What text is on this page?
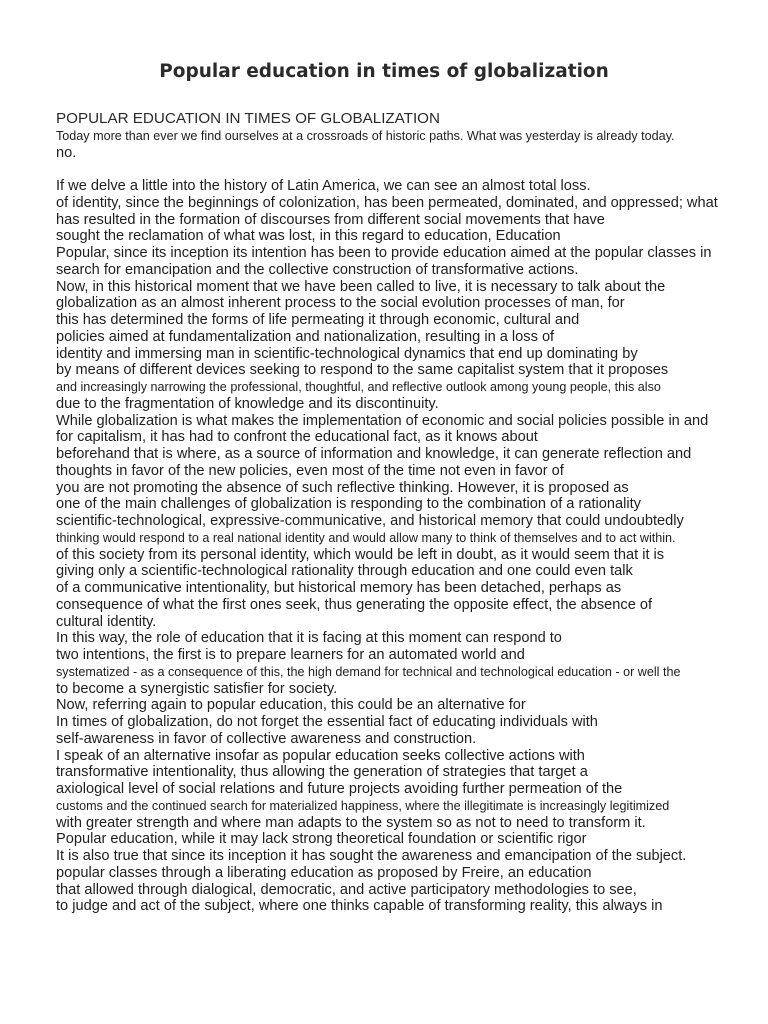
Popular education in times of globalization
POPULAR EDUCATION IN TIMES OF GLOBALIZATION
Today more than ever we find ourselves at a crossroads of historic paths. What was yesterday is already today.
no.
If we delve a little into the history of Latin America, we can see an almost total loss.
of identity, since the beginnings of colonization, has been permeated, dominated, and oppressed; what
has resulted in the formation of discourses from different social movements that have
sought the reclamation of what was lost, in this regard to education, Education
Popular, since its inception its intention has been to provide education aimed at the popular classes in
search for emancipation and the collective construction of transformative actions.
Now, in this historical moment that we have been called to live, it is necessary to talk about the
globalization as an almost inherent process to the social evolution processes of man, for
this has determined the forms of life permeating it through economic, cultural and
policies aimed at fundamentalization and nationalization, resulting in a loss of
identity and immersing man in scientific-technological dynamics that end up dominating by
by means of different devices seeking to respond to the same capitalist system that it proposes
and increasingly narrowing the professional, thoughtful, and reflective outlook among young people, this also
due to the fragmentation of knowledge and its discontinuity.
While globalization is what makes the implementation of economic and social policies possible in and
for capitalism, it has had to confront the educational fact, as it knows about
beforehand that is where, as a source of information and knowledge, it can generate reflection and
thoughts in favor of the new policies, even most of the time not even in favor of
you are not promoting the absence of such reflective thinking. However, it is proposed as
one of the main challenges of globalization is responding to the combination of a rationality
scientific-technological, expressive-communicative, and historical memory that could undoubtedly
thinking would respond to a real national identity and would allow many to think of themselves and to act within.
of this society from its personal identity, which would be left in doubt, as it would seem that it is
giving only a scientific-technological rationality through education and one could even talk
of a communicative intentionality, but historical memory has been detached, perhaps as
consequence of what the first ones seek, thus generating the opposite effect, the absence of
cultural identity.
In this way, the role of education that it is facing at this moment can respond to
two intentions, the first is to prepare learners for an automated world and
systematized - as a consequence of this, the high demand for technical and technological education - or well the
to become a synergistic satisfier for society.
Now, referring again to popular education, this could be an alternative for
In times of globalization, do not forget the essential fact of educating individuals with
self-awareness in favor of collective awareness and construction.
I speak of an alternative insofar as popular education seeks collective actions with
transformative intentionality, thus allowing the generation of strategies that target a
axiological level of social relations and future projects avoiding further permeation of the
customs and the continued search for materialized happiness, where the illegitimate is increasingly legitimized
with greater strength and where man adapts to the system so as not to need to transform it.
Popular education, while it may lack strong theoretical foundation or scientific rigor
It is also true that since its inception it has sought the awareness and emancipation of the subject.
popular classes through a liberating education as proposed by Freire, an education
that allowed through dialogical, democratic, and active participatory methodologies to see,
to judge and act of the subject, where one thinks capable of transforming reality, this always in
